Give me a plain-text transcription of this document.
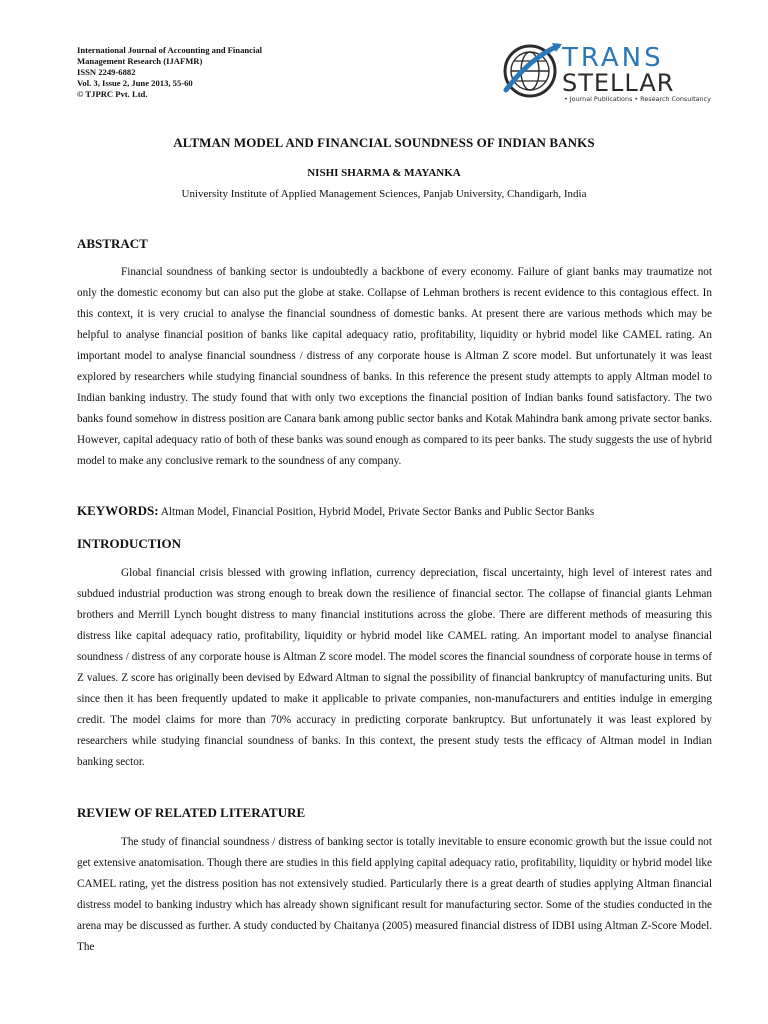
International Journal of Accounting and Financial
Management Research (IJAFMR)
ISSN 2249-6882
Vol. 3, Issue 2, June 2013, 55-60
© TJPRC Pvt. Ltd.
TRANS
STELLAR
• Journal Publications • Research Consultancy
ALTMAN MODEL AND FINANCIAL SOUNDNESS OF INDIAN BANKS
NISHI SHARMA & MAYANKA
University Institute of Applied Management Sciences, Panjab University, Chandigarh, India
ABSTRACT

Financial soundness of banking sector is undoubtedly a backbone of every economy. Failure of giant banks may traumatize not only the domestic economy but can also put the globe at stake. Collapse of Lehman brothers is recent evidence to this contagious effect. In this context, it is very crucial to analyse the financial soundness of domestic banks. At present there are various methods which may be helpful to analyse financial position of banks like capital adequacy ratio, profitability, liquidity or hybrid model like CAMEL rating. An important model to analyse financial soundness / distress of any corporate house is Altman Z score model. But unfortunately it was least explored by researchers while studying financial soundness of banks. In this reference the present study attempts to apply Altman model to Indian banking industry. The study found that with only two exceptions the financial position of Indian banks found satisfactory. The two banks found somehow in distress position are Canara bank among public sector banks and Kotak Mahindra bank among private sector banks. However, capital adequacy ratio of both of these banks was sound enough as compared to its peer banks. The study suggests the use of hybrid model to make any conclusive remark to the soundness of any company.

KEYWORDS: Altman Model, Financial Position, Hybrid Model, Private Sector Banks and Public Sector Banks
INTRODUCTION

Global financial crisis blessed with growing inflation, currency depreciation, fiscal uncertainty, high level of interest rates and subdued industrial production was strong enough to break down the resilience of financial sector. The collapse of financial giants Lehman brothers and Merrill Lynch bought distress to many financial institutions across the globe. There are different methods of measuring this distress like capital adequacy ratio, profitability, liquidity or hybrid model like CAMEL rating. An important model to analyse financial soundness / distress of any corporate house is Altman Z score model. The model scores the financial soundness of corporate house in terms of Z values. Z score has originally been devised by Edward Altman to signal the possibility of financial bankruptcy of manufacturing units. But since then it has been frequently updated to make it applicable to private companies, non-manufacturers and entities indulge in emerging credit. The model claims for more than 70% accuracy in predicting corporate bankruptcy. But unfortunately it was least explored by researchers while studying financial soundness of banks. In this context, the present study tests the efficacy of Altman model in Indian banking sector.

REVIEW OF RELATED LITERATURE

The study of financial soundness / distress of banking sector is totally inevitable to ensure economic growth but the issue could not get extensive anatomisation. Though there are studies in this field applying capital adequacy ratio, profitability, liquidity or hybrid model like CAMEL rating, yet the distress position has not extensively studied. Particularly there is a great dearth of studies applying Altman financial distress model to banking industry which has already shown significant result for manufacturing sector. Some of the studies conducted in the arena may be discussed as further. A study conducted by Chaitanya (2005) measured financial distress of IDBI using Altman Z-Score Model. The
